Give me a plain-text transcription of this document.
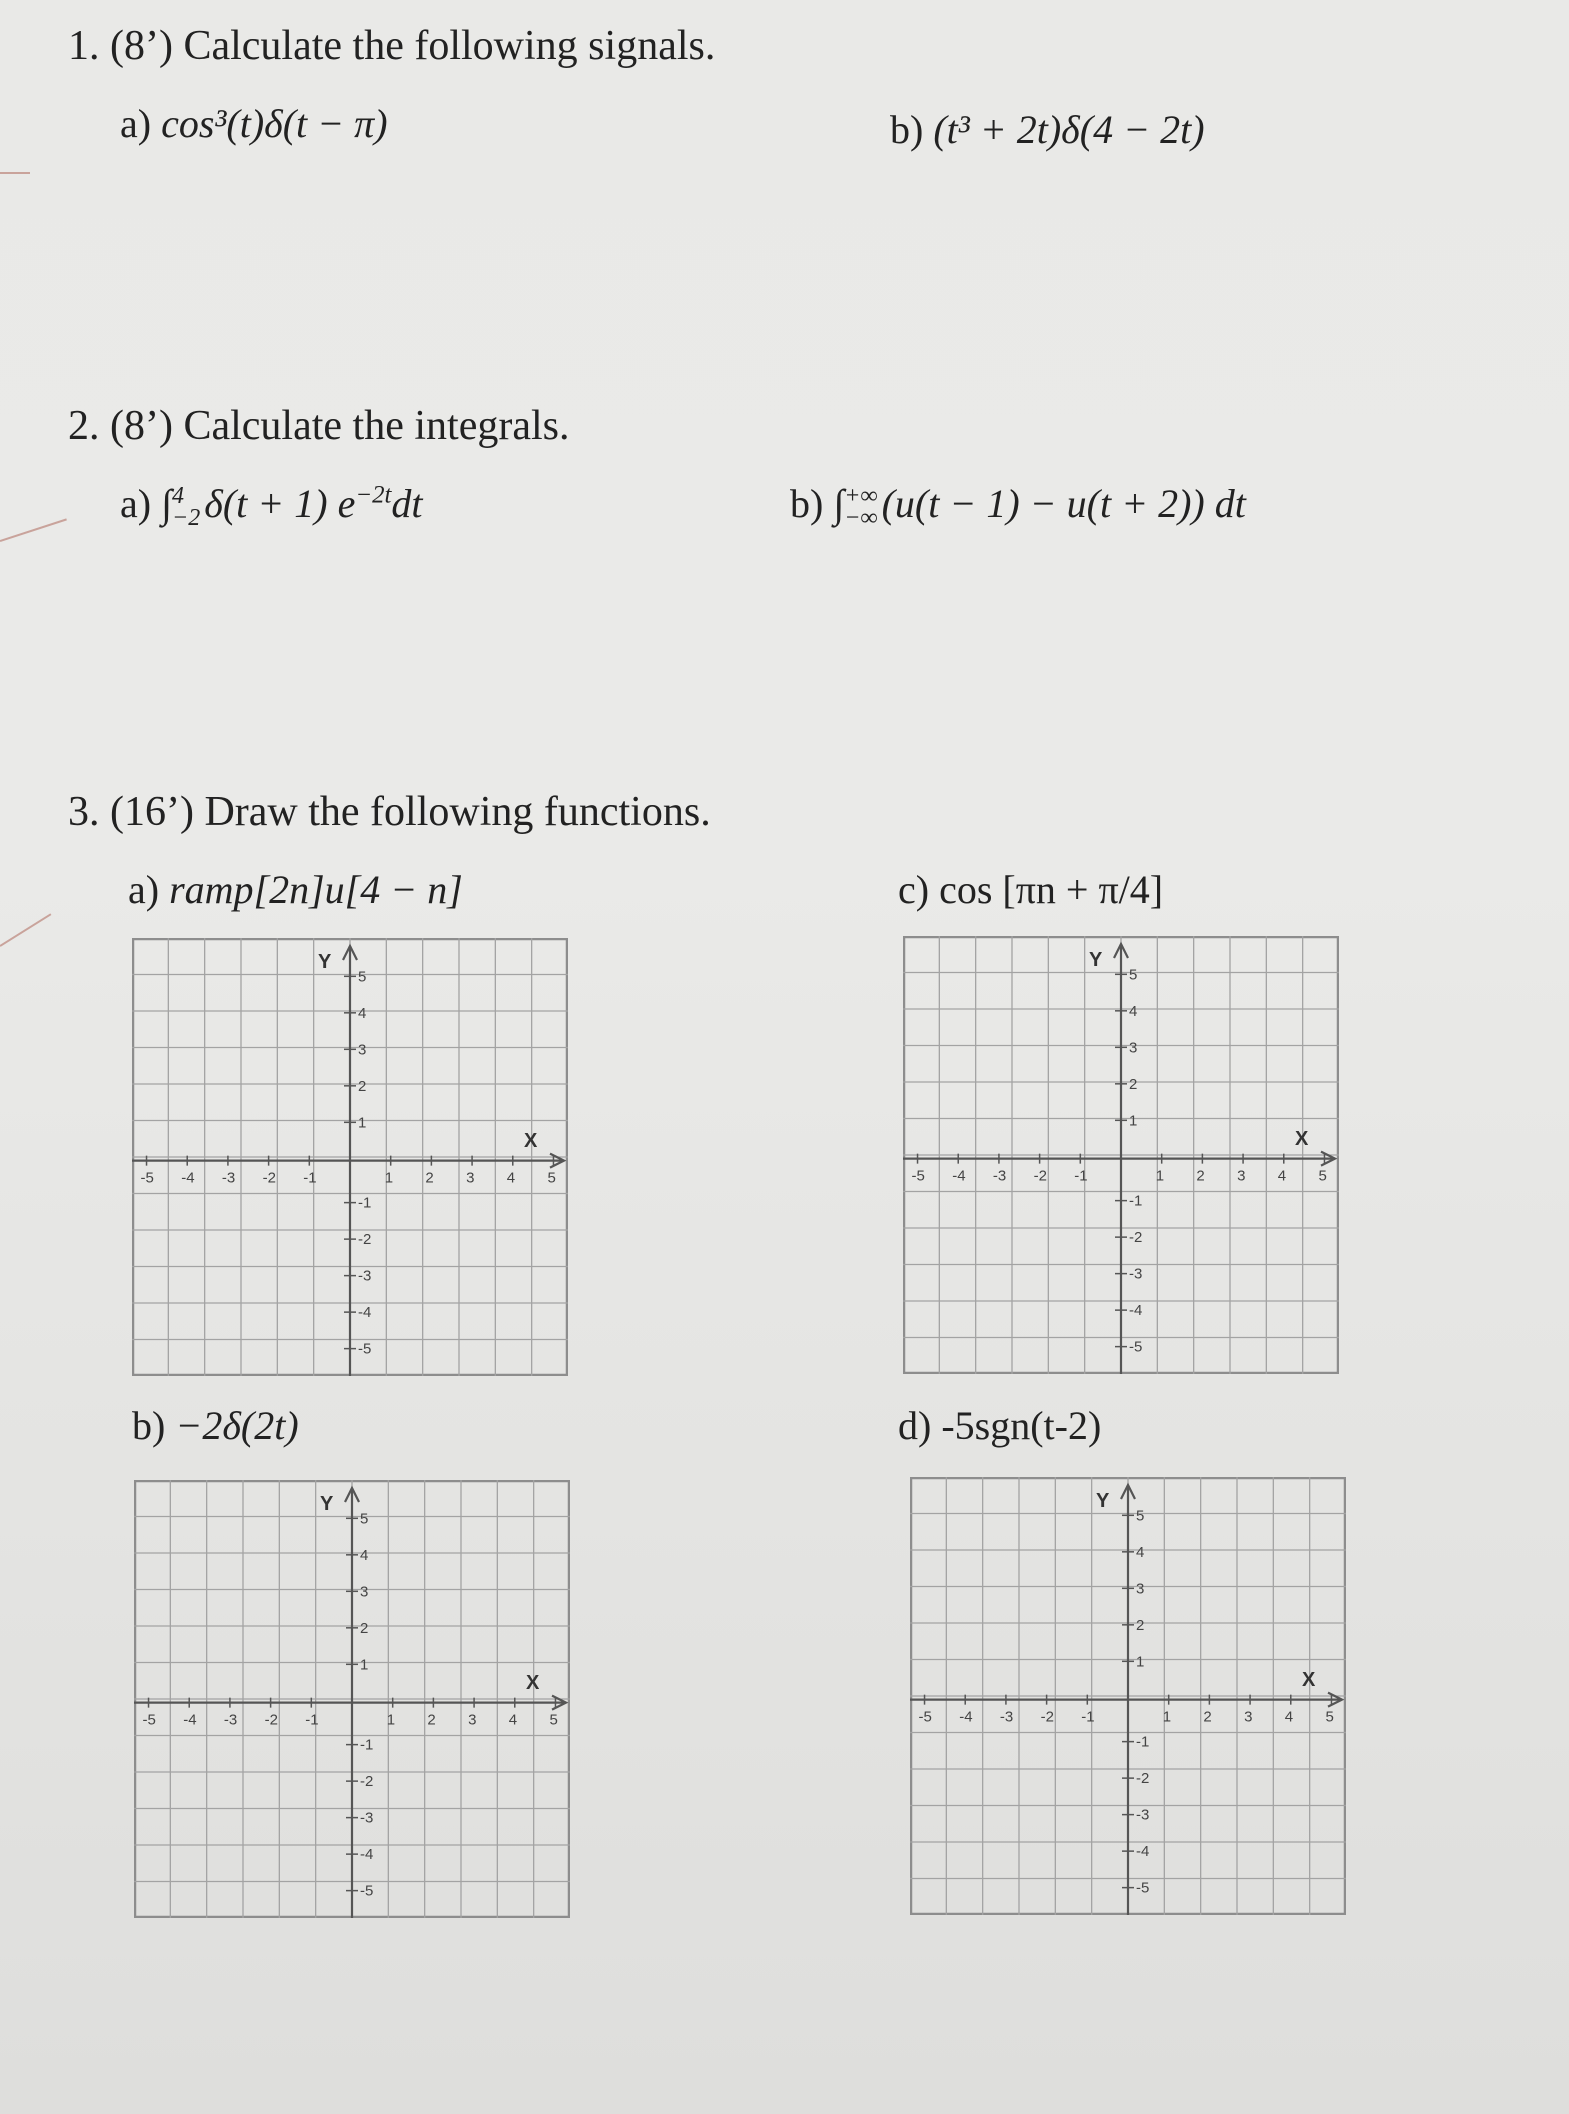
1. (8’) Calculate the following signals.
a) cos³(t)δ(t − π)	b) (t³ + 2t)δ(4 − 2t)
2. (8’) Calculate the integrals.
a) ∫ 4
−2 δ(t + 1) $e^{-2t}dt$	b) ∫ +∞
−∞ (u(t − 1) − u(t + 2)) dt
3. (16’) Draw the following functions.
a) ramp[2n]u[4 − n]	c) cos [πn + π/4]
b) −2δ(2t)	d) -5sgn(t-2)
X
Y
-5 -4 -3 -2 -1	1 2 3 4 5
5
4
3
2
1
-1
-2
-3
-4
-5
X
Y
-5 -4 -3 -2 -1	1 2 3 4 5
5
4
3
2
1
-1
-2
-3
-4
-5
X
Y
-5 -4 -3 -2 -1	1 2 3 4 5
5
4
3
2
1
-1
-2
-3
-4
-5
X
Y
-5 -4 -3 -2 -1	1 2 3 4 5
5
4
3
2
1
-1
-2
-3
-4
-5
